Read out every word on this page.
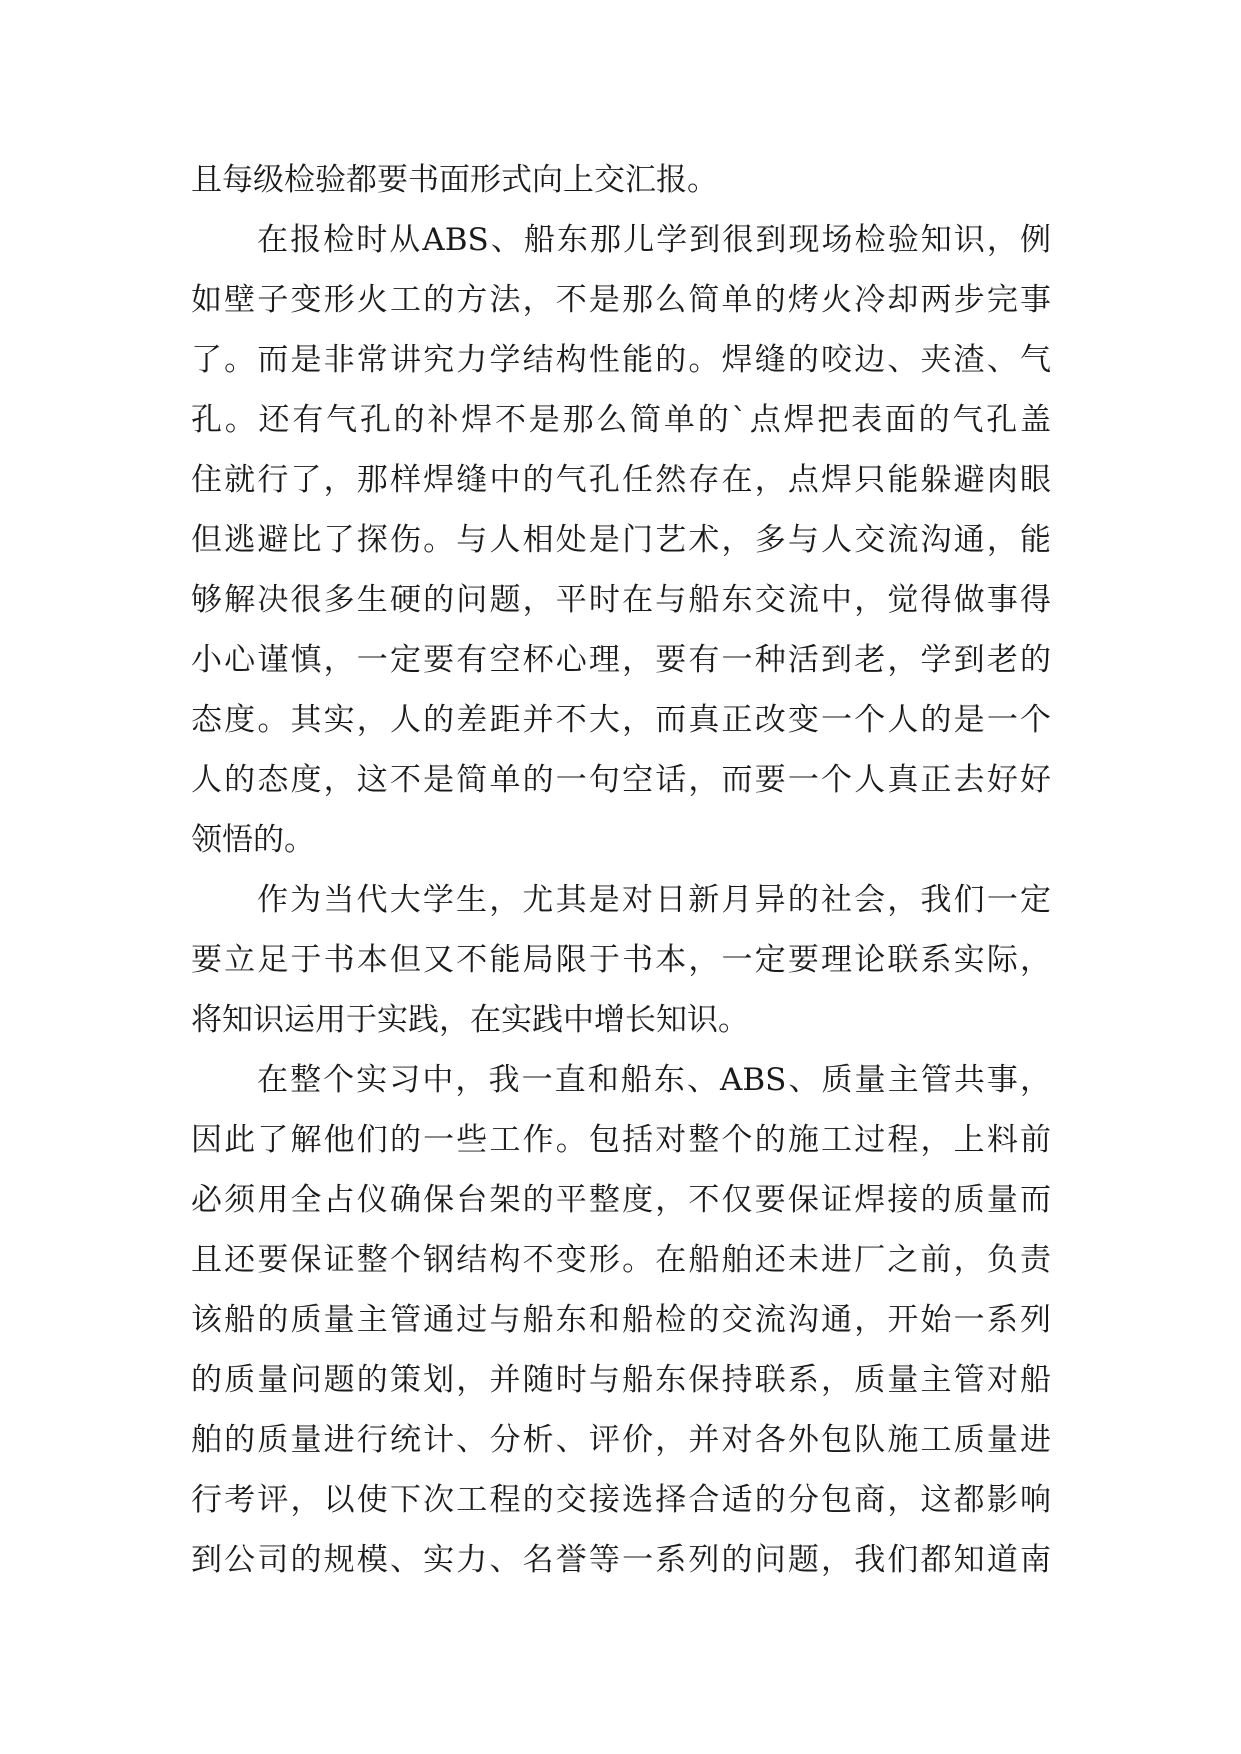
且每级检验都要书面形式向上交汇报。
在报检时从ABS、船东那儿学到很到现场检验知识，例
如壁子变形火工的方法，不是那么简单的烤火冷却两步完事
了。而是非常讲究力学结构性能的。焊缝的咬边、夹渣、气
孔。还有气孔的补焊不是那么简单的`点焊把表面的气孔盖
住就行了，那样焊缝中的气孔任然存在，点焊只能躲避肉眼
但逃避比了探伤。与人相处是门艺术，多与人交流沟通，能
够解决很多生硬的问题，平时在与船东交流中，觉得做事得
小心谨慎，一定要有空杯心理，要有一种活到老，学到老的
态度。其实，人的差距并不大，而真正改变一个人的是一个
人的态度，这不是简单的一句空话，而要一个人真正去好好
领悟的。
作为当代大学生，尤其是对日新月异的社会，我们一定
要立足于书本但又不能局限于书本，一定要理论联系实际，
将知识运用于实践，在实践中增长知识。
在整个实习中，我一直和船东、ABS、质量主管共事，
因此了解他们的一些工作。包括对整个的施工过程，上料前
必须用全占仪确保台架的平整度，不仅要保证焊接的质量而
且还要保证整个钢结构不变形。在船舶还未进厂之前，负责
该船的质量主管通过与船东和船检的交流沟通，开始一系列
的质量问题的策划，并随时与船东保持联系，质量主管对船
舶的质量进行统计、分析、评价，并对各外包队施工质量进
行考评，以使下次工程的交接选择合适的分包商，这都影响
到公司的规模、实力、名誉等一系列的问题，我们都知道南
